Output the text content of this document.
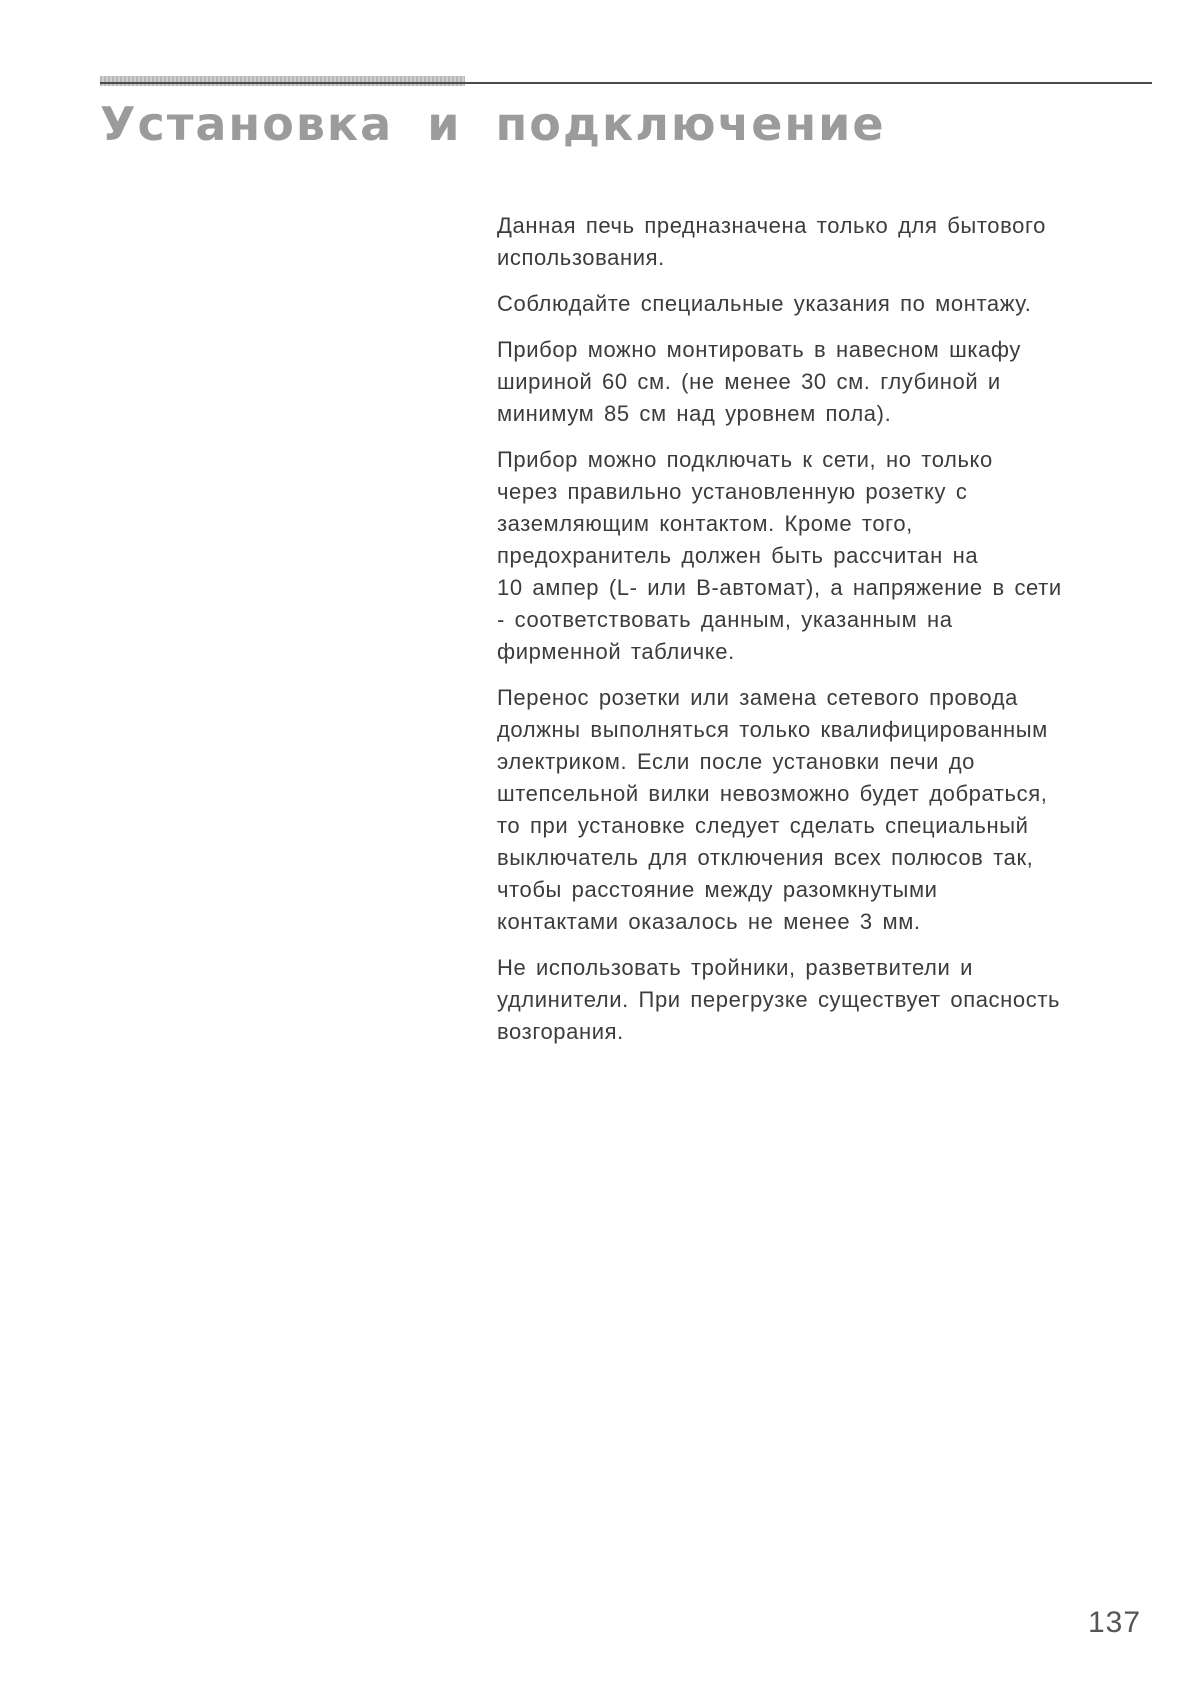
Установка и подключение

Данная печь предназначена только для бытового
использования.

Соблюдайте специальные указания по монтажу.

Прибор можно монтировать в навесном шкафу
шириной 60 см. (не менее 30 см. глубиной и
минимум 85 см над уровнем пола).

Прибор можно подключать к сети, но только
через правильно установленную розетку с
заземляющим контактом. Кроме того,
предохранитель должен быть рассчитан на
10 ампер (L- или B-автомат), а напряжение в сети
- соответствовать данным, указанным на
фирменной табличке.

Перенос розетки или замена сетевого провода
должны выполняться только квалифицированным
электриком. Если после установки печи до
штепсельной вилки невозможно будет добраться,
то при установке следует сделать специальный
выключатель для отключения всех полюсов так,
чтобы расстояние между разомкнутыми
контактами оказалось не менее 3 мм.

Не использовать тройники, разветвители и
удлинители. При перегрузке существует опасность
возгорания.

137
